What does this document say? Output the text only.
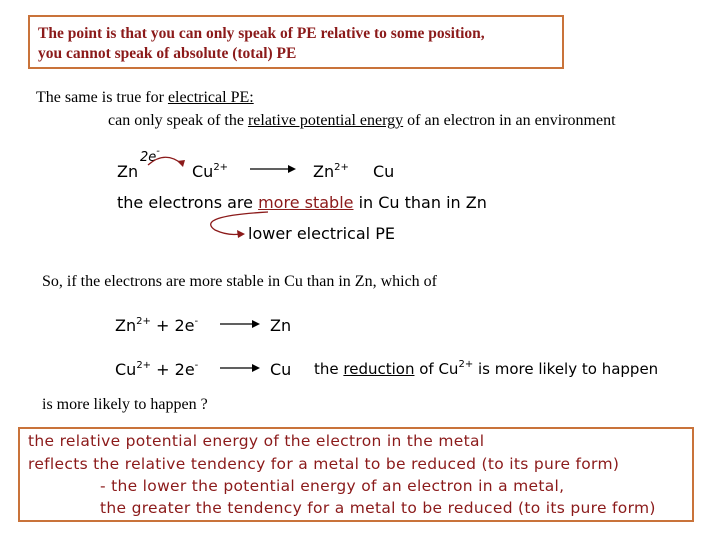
The point is that you can only speak of PE relative to some position,
you cannot speak of absolute (total) PE
The same is true for electrical PE:
can only speak of the relative potential energy of an electron in an environment
Zn
2e-
$Cu^{2+}$	$Zn^{2+}$ Cu
the electrons are more stable in Cu than in Zn
lower electrical PE
So, if the electrons are more stable in Cu than in Zn, which of
$Zn^{2+} + 2e^-$	Zn
$Cu^{2+} + 2e^-$	Cu the reduction of $Cu^{2+}$ is more likely to happen
is more likely to happen ?
the relative potential energy of the electron in the metal
reflects the relative tendency for a metal to be reduced (to its pure form)
- the lower the potential energy of an electron in a metal,
the greater the tendency for a metal to be reduced (to its pure form)
